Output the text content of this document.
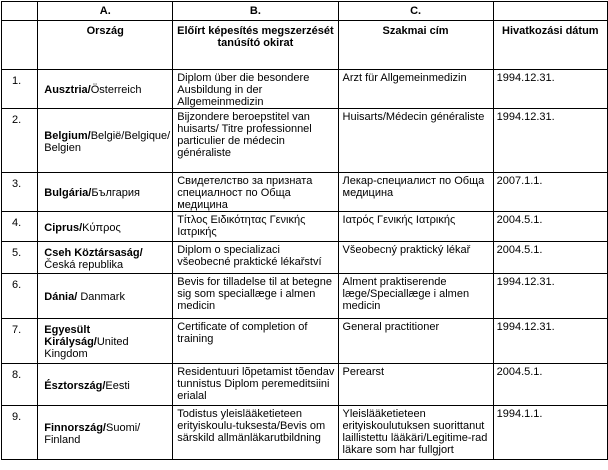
	A.	B.	C.	
	Ország	Előírt képesítés megszerzését tanúsító okirat	Szakmai cím	Hivatkozási dátum
1.	Ausztria/Österreich	Diplom über die besondere Ausbildung in der Allgemeinmedizin	Arzt für Allgemeinmedizin	1994.12.31.
2.	Belgium/België/Belgique/ Belgien	Bijzondere beroepstitel van huisarts/ Titre professionnel particulier de médecin généraliste	Huisarts/Médecin généraliste	1994.12.31.
3.	Bulgária/България	Свидетелство за призната специалност по Обща медицина	Лекар-специалист по Обща медицина	2007.1.1.
4.	Ciprus/Κύπρος	Τίτλος Ειδικότητας Γενικής Ιατρικής	Ιατρός Γενικής Ιατρικής	2004.5.1.
5.	Cseh Köztársaság/Česká republika	Diplom o specializaci všeobecné praktické lékařství	Všeobecný praktický lékař	2004.5.1.
6.	Dánia/ Danmark	Bevis for tilladelse til at betegne sig som speciallæge i almen medicin	Alment praktiserende læge/Speciallæge i almen medicin	1994.12.31.
7.	Egyesült Királyság/United Kingdom	Certificate of completion of training	General practitioner	1994.12.31.
8.	Észtország/Eesti	Residentuuri lõpetamist tõendav tunnistus Diplom peremeditsiini erialal	Perearst	2004.5.1.
9.	Finnország/Suomi/ Finland	Todistus yleislääketieteen erityiskoulu-tuksesta/Bevis om särskild allmänläkarutbildning	Yleislääketieteen erityiskoulutuksen suorittanut laillistettu lääkäri/Legitime-rad läkare som har fullgjort	1994.1.1.
